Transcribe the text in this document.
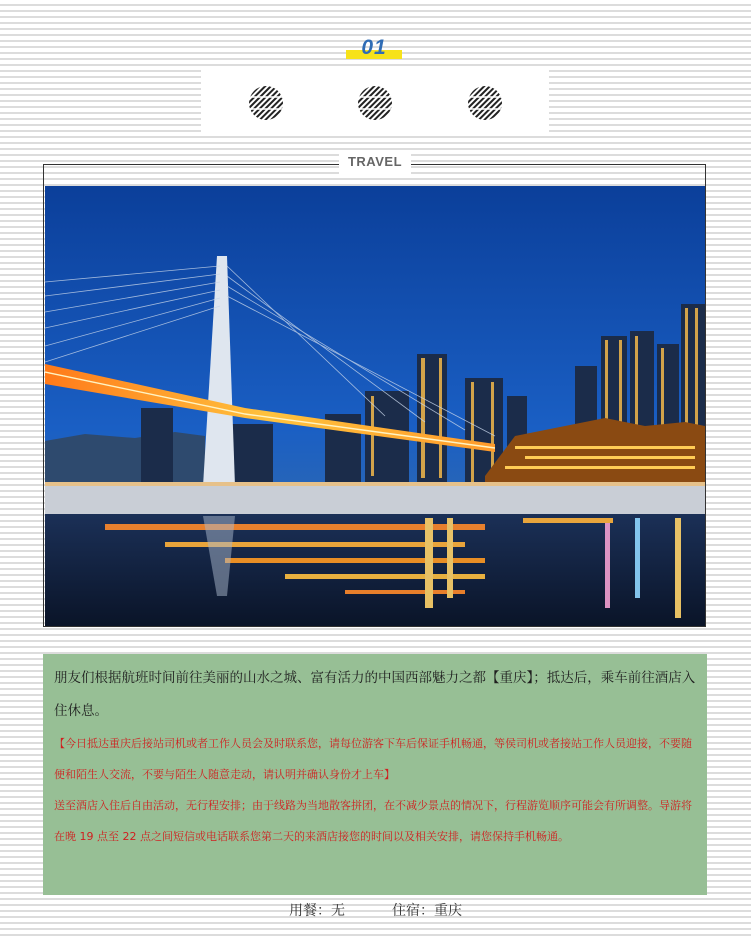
01
TRAVEL

朋友们根据航班时间前往美丽的山水之城、富有活力的中国西部魅力之都【重庆】；抵达后，乘车前往酒店入住休息。

【今日抵达重庆后接站司机或者工作人员会及时联系您，请每位游客下车后保证手机畅通，等侯司机或者接站工作人员迎接，不要随便和陌生人交流，不要与陌生人随意走动，请认明并确认身份才上车】

送至酒店入住后自由活动，无行程安排；由于线路为当地散客拼团，在不减少景点的情况下，行程游览顺序可能会有所调整。导游将在晚 19 点至 22 点之间短信或电话联系您第二天的来酒店接您的时间以及相关安排，请您保持手机畅通。

用餐：无	住宿：重庆
